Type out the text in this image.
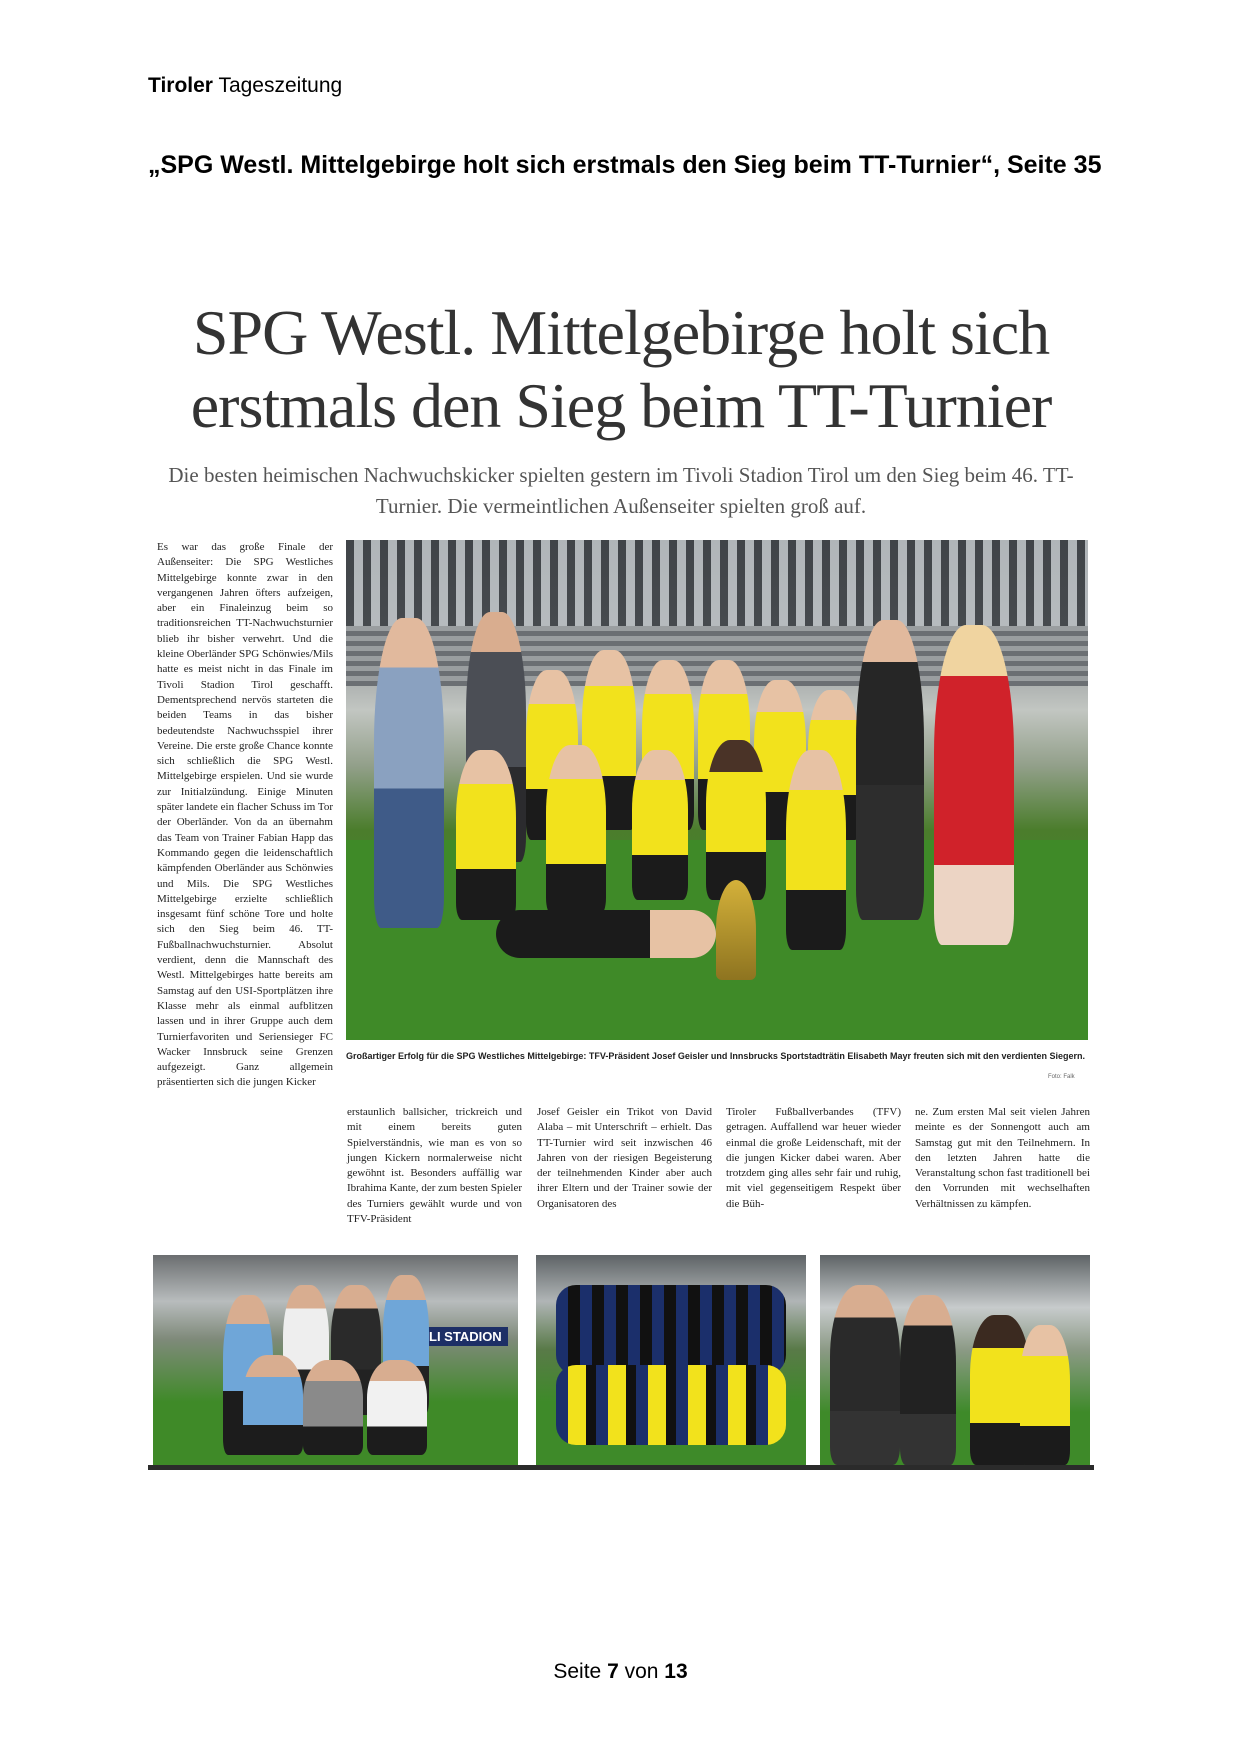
Tiroler Tageszeitung
„SPG Westl. Mittelgebirge holt sich erstmals den Sieg beim TT-Turnier“, Seite 35
SPG Westl. Mittelgebirge holt sich erstmals den Sieg beim TT-Turnier
Die besten heimischen Nachwuchskicker spielten gestern im Tivoli Stadion Tirol um den Sieg beim 46. TT-Turnier. Die vermeintlichen Außenseiter spielten groß auf.
Es war das große Finale der Außenseiter: Die SPG Westliches Mittelgebirge konnte zwar in den vergangenen Jahren öfters aufzeigen, aber ein Finaleinzug beim so traditionsreichen TT-Nachwuchsturnier blieb ihr bisher verwehrt. Und die kleine Oberländer SPG Schönwies/Mils hatte es meist nicht in das Finale im Tivoli Stadion Tirol geschafft. Dementsprechend nervös starteten die beiden Teams in das bisher bedeutendste Nachwuchsspiel ihrer Vereine. Die erste große Chance konnte sich schließlich die SPG Westl. Mittelgebirge erspielen. Und sie wurde zur Initialzündung. Einige Minuten später landete ein flacher Schuss im Tor der Oberländer. Von da an übernahm das Team von Trainer Fabian Happ das Kommando gegen die leidenschaftlich kämpfenden Oberländer aus Schönwies und Mils. Die SPG Westliches Mittelgebirge erzielte schließlich insgesamt fünf schöne Tore und holte sich den Sieg beim 46. TT-Fußballnachwuchsturnier. Absolut verdient, denn die Mannschaft des Westl. Mittelgebirges hatte bereits am Samstag auf den USI-Sportplätzen ihre Klasse mehr als einmal aufblitzen lassen und in ihrer Gruppe auch dem Turnierfavoriten und Seriensieger FC Wacker Innsbruck seine Grenzen aufgezeigt. Ganz allgemein präsentierten sich die jungen Kicker
Großartiger Erfolg für die SPG Westliches Mittelgebirge: TFV-Präsident Josef Geisler und Innsbrucks Sportstadträtin Elisabeth Mayr freuten sich mit den verdienten Siegern.
Foto: Falk
erstaunlich ballsicher, trickreich und mit einem bereits guten Spielverständnis, wie man es von so jungen Kickern normalerweise nicht gewöhnt ist. Besonders auffällig war Ibrahima Kante, der zum besten Spieler des Turniers gewählt wurde und von TFV-Präsident
Josef Geisler ein Trikot von David Alaba – mit Unterschrift – erhielt. Das TT-Turnier wird seit inzwischen 46 Jahren von der riesigen Begeisterung der teilnehmenden Kinder aber auch ihrer Eltern und der Trainer sowie der Organisatoren des
Tiroler Fußballverbandes (TFV) getragen. Auffallend war heuer wieder einmal die große Leidenschaft, mit der die jungen Kicker dabei waren. Aber trotzdem ging alles sehr fair und ruhig, mit viel gegenseitigem Respekt über die Büh-
ne. Zum ersten Mal seit vielen Jahren meinte es der Sonnengott auch am Samstag gut mit den Teilnehmern. In den letzten Jahren hatte die Veranstaltung schon fast traditionell bei den Vorrunden mit wechselhaften Verhältnissen zu kämpfen.
LI STADION
Seite 7 von 13
